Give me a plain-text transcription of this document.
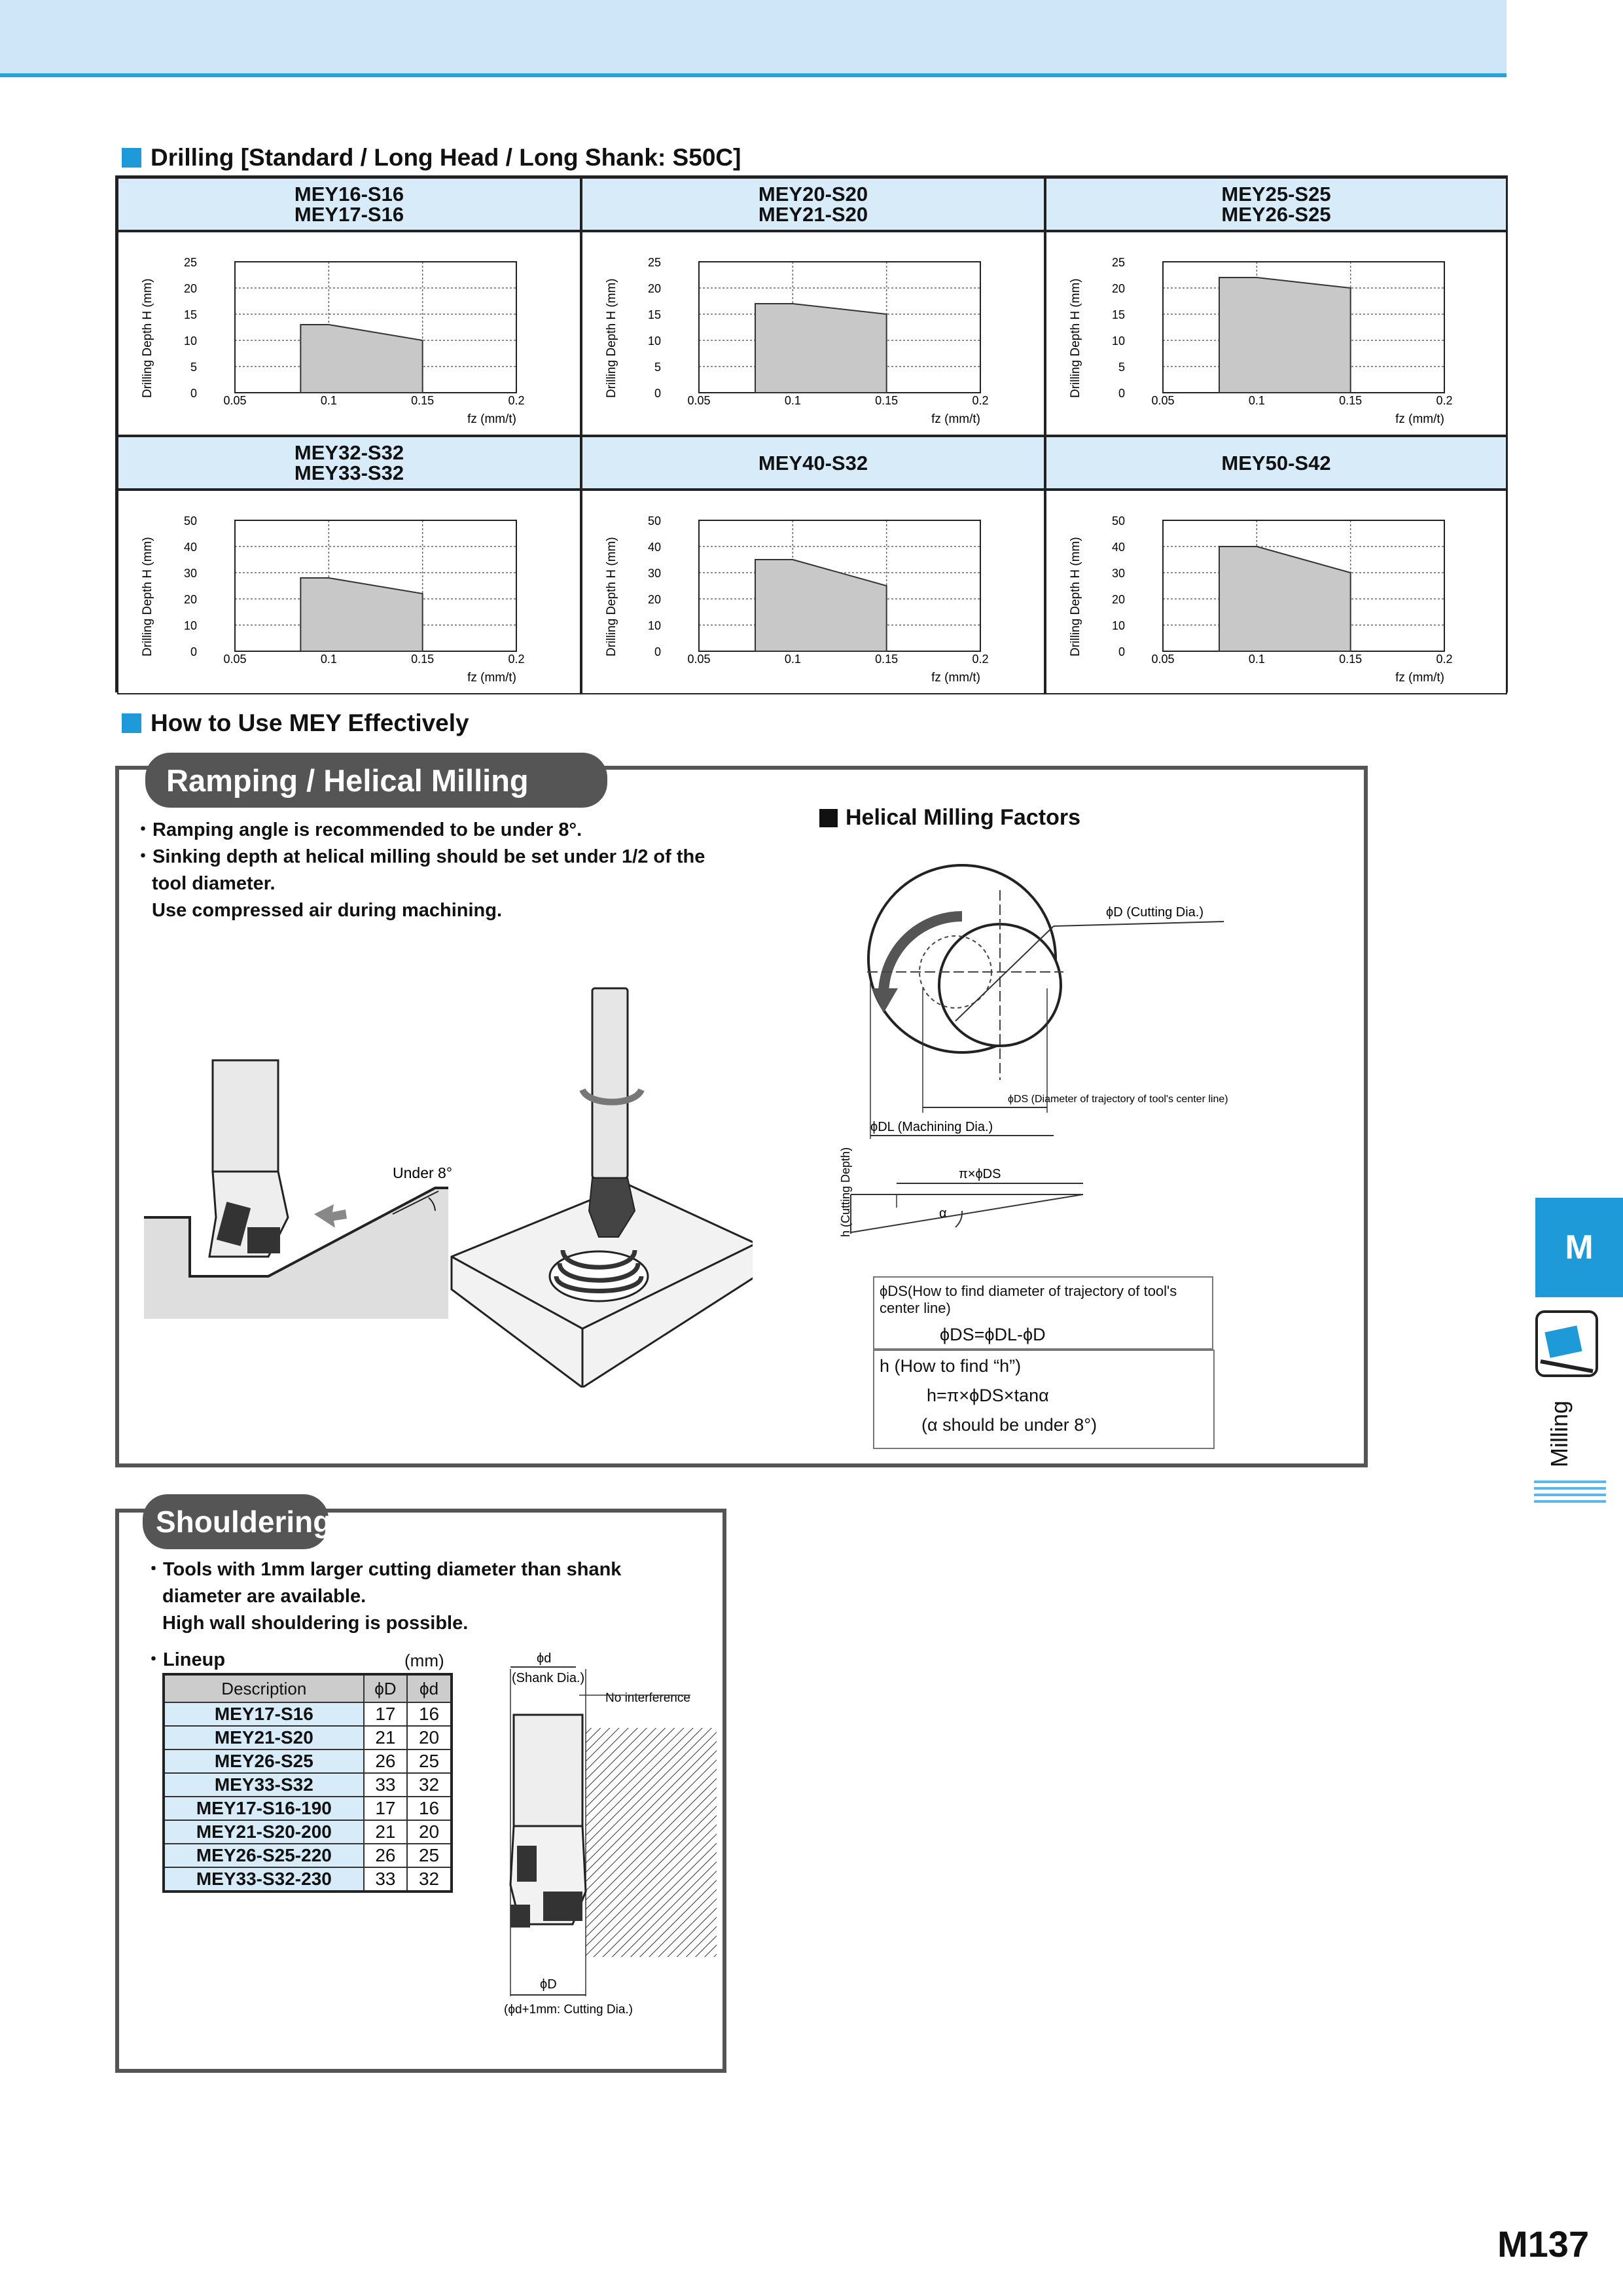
Drilling [Standard / Long Head / Long Shank: S50C]
MEY16-S16
MEY17-S16
0
5
10
15
20
25
0.05	0.1	0.15	0.2
Drilling Depth H (mm)
fz (mm/t)
MEY20-S20
MEY21-S20
0
5
10
15
20
25
0.05	0.1	0.15	0.2
Drilling Depth H (mm)
fz (mm/t)
MEY25-S25
MEY26-S25
0
5
10
15
20
25
0.05	0.1	0.15	0.2
Drilling Depth H (mm)
fz (mm/t)
MEY32-S32
MEY33-S32
0
10
20
30
40
50
0.05	0.1	0.15	0.2
Drilling Depth H (mm)
fz (mm/t)
MEY40-S32
0
10
20
30
40
50
0.05	0.1	0.15	0.2
Drilling Depth H (mm)
fz (mm/t)
MEY50-S42
0
10
20
30
40
50
0.05	0.1	0.15	0.2
Drilling Depth H (mm)
fz (mm/t)
How to Use MEY Effectively
Ramping / Helical Milling
・Ramping angle is recommended to be under 8°.
・Sinking depth at helical milling should be set under 1/2 of the
tool diameter.
Use compressed air during machining.
Under 8°
Helical Milling Factors
ϕD (Cutting Dia.)
ϕDS (Diameter of trajectory of tool's center line)
ϕDL (Machining Dia.)
h (Cutting Depth)	π×ϕDS
α
ϕDS(How to find diameter of trajectory of tool's center line)
ϕDS=ϕDL-ϕD
h (How to find “h”)
h=π×ϕDS×tanα
(α should be under 8°)
Shouldering
・Tools with 1mm larger cutting diameter than shank
diameter are available.
High wall shouldering is possible.
・Lineup	(mm)
Description	ϕD	ϕd
MEY17-S16	17	16
MEY21-S20	21	20
MEY26-S25	26	25
MEY33-S32	33	32
MEY17-S16-190	17	16
MEY21-S20-200	21	20
MEY26-S25-220	26	25
MEY33-S32-230	33	32
ϕd
(Shank Dia.)
No interference
ϕD
(ϕd+1mm: Cutting Dia.)
M
Milling
M137
